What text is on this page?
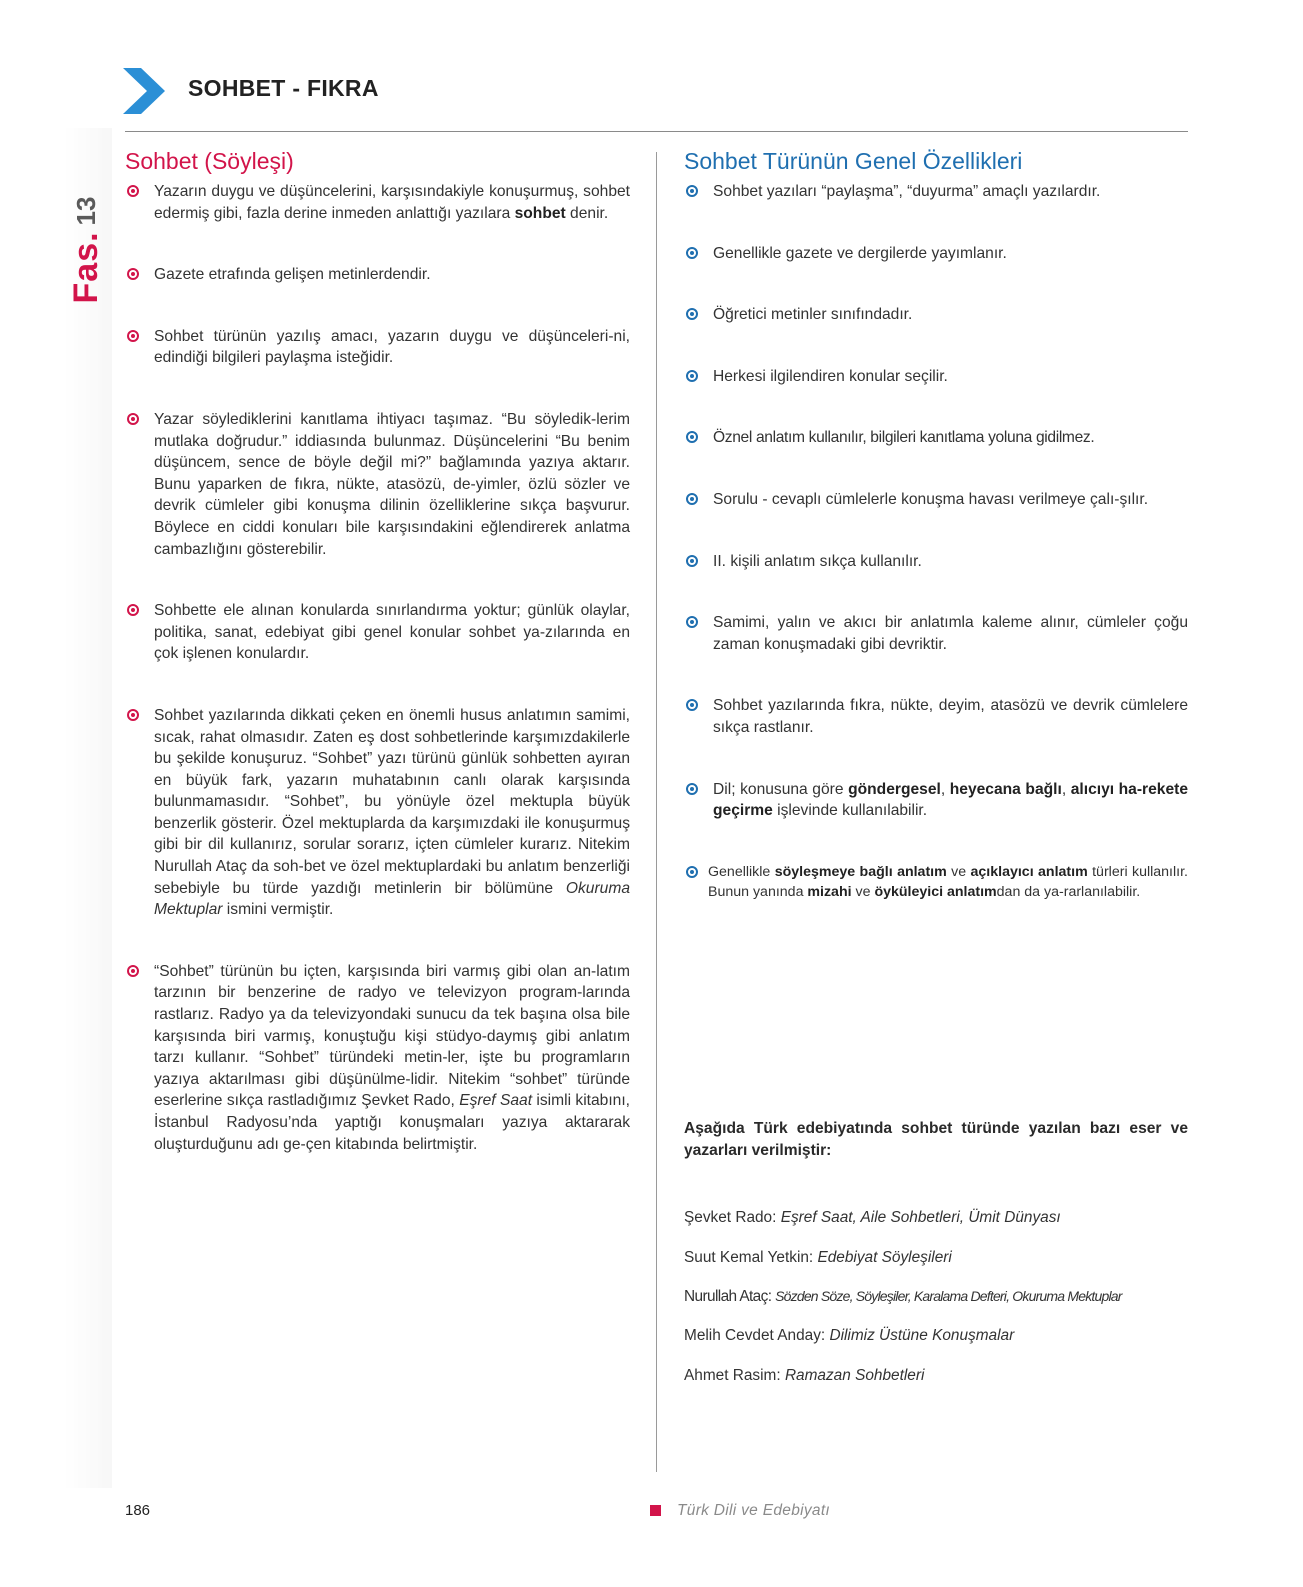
Fas.
13
SOHBET - FIKRA
Sohbet (Söyleşi)
Yazarın duygu ve düşüncelerini, karşısındakiyle konuşurmuş, sohbet edermiş gibi, fazla derine inmeden anlattığı yazılara sohbet denir.
Gazete etrafında gelişen metinlerdendir.
Sohbet türünün yazılış amacı, yazarın duygu ve düşünceleri-ni, edindiği bilgileri paylaşma isteğidir.
Yazar söylediklerini kanıtlama ihtiyacı taşımaz. “Bu söyledik-lerim mutlaka doğrudur.” iddiasında bulunmaz. Düşüncelerini “Bu benim düşüncem, sence de böyle değil mi?” bağlamında yazıya aktarır. Bunu yaparken de fıkra, nükte, atasözü, de-yimler, özlü sözler ve devrik cümleler gibi konuşma dilinin özelliklerine sıkça başvurur. Böylece en ciddi konuları bile karşısındakini eğlendirerek anlatma cambazlığını gösterebilir.
Sohbette ele alınan konularda sınırlandırma yoktur; günlük olaylar, politika, sanat, edebiyat gibi genel konular sohbet ya-zılarında en çok işlenen konulardır.
Sohbet yazılarında dikkati çeken en önemli husus anlatımın samimi, sıcak, rahat olmasıdır. Zaten eş dost sohbetlerinde karşımızdakilerle bu şekilde konuşuruz. “Sohbet” yazı türünü günlük sohbetten ayıran en büyük fark, yazarın muhatabının canlı olarak karşısında bulunmamasıdır. “Sohbet”, bu yönüyle özel mektupla büyük benzerlik gösterir. Özel mektuplarda da karşımızdaki ile konuşurmuş gibi bir dil kullanırız, sorular sorarız, içten cümleler kurarız. Nitekim Nurullah Ataç da soh-bet ve özel mektuplardaki bu anlatım benzerliği sebebiyle bu türde yazdığı metinlerin bir bölümüne Okuruma Mektuplar ismini vermiştir.
“Sohbet” türünün bu içten, karşısında biri varmış gibi olan an-latım tarzının bir benzerine de radyo ve televizyon program-larında rastlarız. Radyo ya da televizyondaki sunucu da tek başına olsa bile karşısında biri varmış, konuştuğu kişi stüdyo-daymış gibi anlatım tarzı kullanır. “Sohbet” türündeki metin-ler, işte bu programların yazıya aktarılması gibi düşünülme-lidir. Nitekim “sohbet” türünde eserlerine sıkça rastladığımız Şevket Rado, Eşref Saat isimli kitabını, İstanbul Radyosu’nda yaptığı konuşmaları yazıya aktararak oluşturduğunu adı ge-çen kitabında belirtmiştir.
Sohbet Türünün Genel Özellikleri
Sohbet yazıları “paylaşma”, “duyurma” amaçlı yazılardır.
Genellikle gazete ve dergilerde yayımlanır.
Öğretici metinler sınıfındadır.
Herkesi ilgilendiren konular seçilir.
Öznel anlatım kullanılır, bilgileri kanıtlama yoluna gidilmez.
Sorulu - cevaplı cümlelerle konuşma havası verilmeye çalı-şılır.
II. kişili anlatım sıkça kullanılır.
Samimi, yalın ve akıcı bir anlatımla kaleme alınır, cümleler çoğu zaman konuşmadaki gibi devriktir.
Sohbet yazılarında fıkra, nükte, deyim, atasözü ve devrik cümlelere sıkça rastlanır.
Dil; konusuna göre göndergesel, heyecana bağlı, alıcıyı ha-rekete geçirme işlevinde kullanılabilir.
Genellikle söyleşmeye bağlı anlatım ve açıklayıcı anlatım türleri kullanılır. Bunun yanında mizahi ve öyküleyici anlatımdan da ya-rarlanılabilir.
Aşağıda Türk edebiyatında sohbet türünde yazılan bazı eser ve yazarları verilmiştir:
Şevket Rado: Eşref Saat, Aile Sohbetleri, Ümit Dünyası
Suut Kemal Yetkin: Edebiyat Söyleşileri
Nurullah Ataç: Sözden Söze, Söyleşiler, Karalama Defteri, Okuruma Mektuplar
Melih Cevdet Anday: Dilimiz Üstüne Konuşmalar
Ahmet Rasim: Ramazan Sohbetleri
186	Türk Dili ve Edebiyatı
